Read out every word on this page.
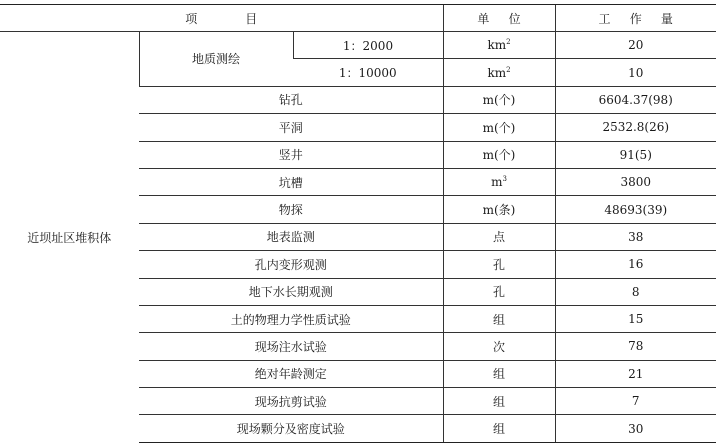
项目			单位	工作量
近坝址区堆积体	地质测绘	1：2000	$km^2$	20
		1：10000	$km^2$	10
	钻孔		m(个)	6604.37(98)
	平洞		m(个)	2532.8(26)
	竖井		m(个)	91(5)
	坑槽		$m^3$	3800
	物探		m(条)	48693(39)
	地表监测		点	38
	孔内变形观测		孔	16
	地下水长期观测		孔	8
	土的物理力学性质试验		组	15
	现场注水试验		次	78
	绝对年龄测定		组	21
	现场抗剪试验		组	7
	现场颗分及密度试验		组	30
